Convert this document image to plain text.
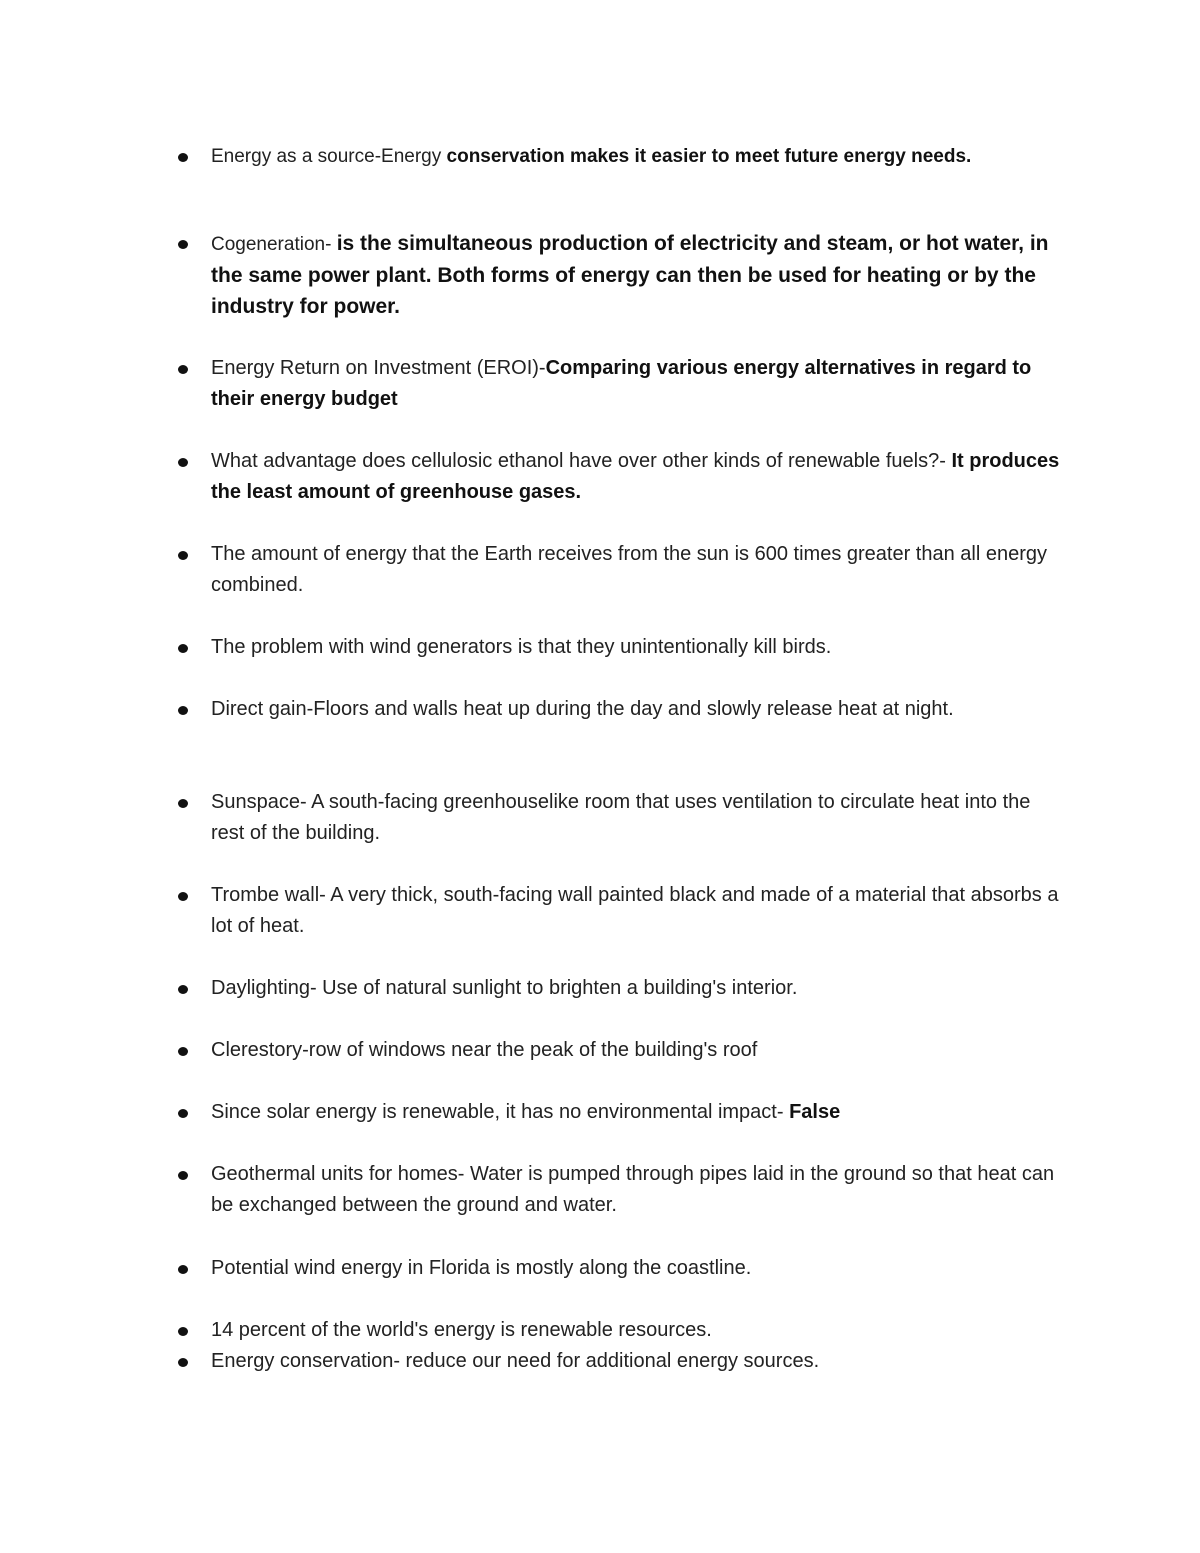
Energy as a source-Energy conservation makes it easier to meet future energy needs.
Cogeneration- is the simultaneous production of electricity and steam, or hot water, in the same power plant. Both forms of energy can then be used for heating or by the industry for power.
Energy Return on Investment (EROI)-Comparing various energy alternatives in regard to their energy budget
What advantage does cellulosic ethanol have over other kinds of renewable fuels?- It produces the least amount of greenhouse gases.
The amount of energy that the Earth receives from the sun is 600 times greater than all energy combined.
The problem with wind generators is that they unintentionally kill birds.
Direct gain-Floors and walls heat up during the day and slowly release heat at night.
Sunspace- A south-facing greenhouselike room that uses ventilation to circulate heat into the rest of the building.
Trombe wall- A very thick, south-facing wall painted black and made of a material that absorbs a lot of heat.
Daylighting- Use of natural sunlight to brighten a building's interior.
Clerestory-row of windows near the peak of the building's roof
Since solar energy is renewable, it has no environmental impact- False
Geothermal units for homes- Water is pumped through pipes laid in the ground so that heat can be exchanged between the ground and water.
Potential wind energy in Florida is mostly along the coastline.
14 percent of the world's energy is renewable resources.
Energy conservation- reduce our need for additional energy sources.
